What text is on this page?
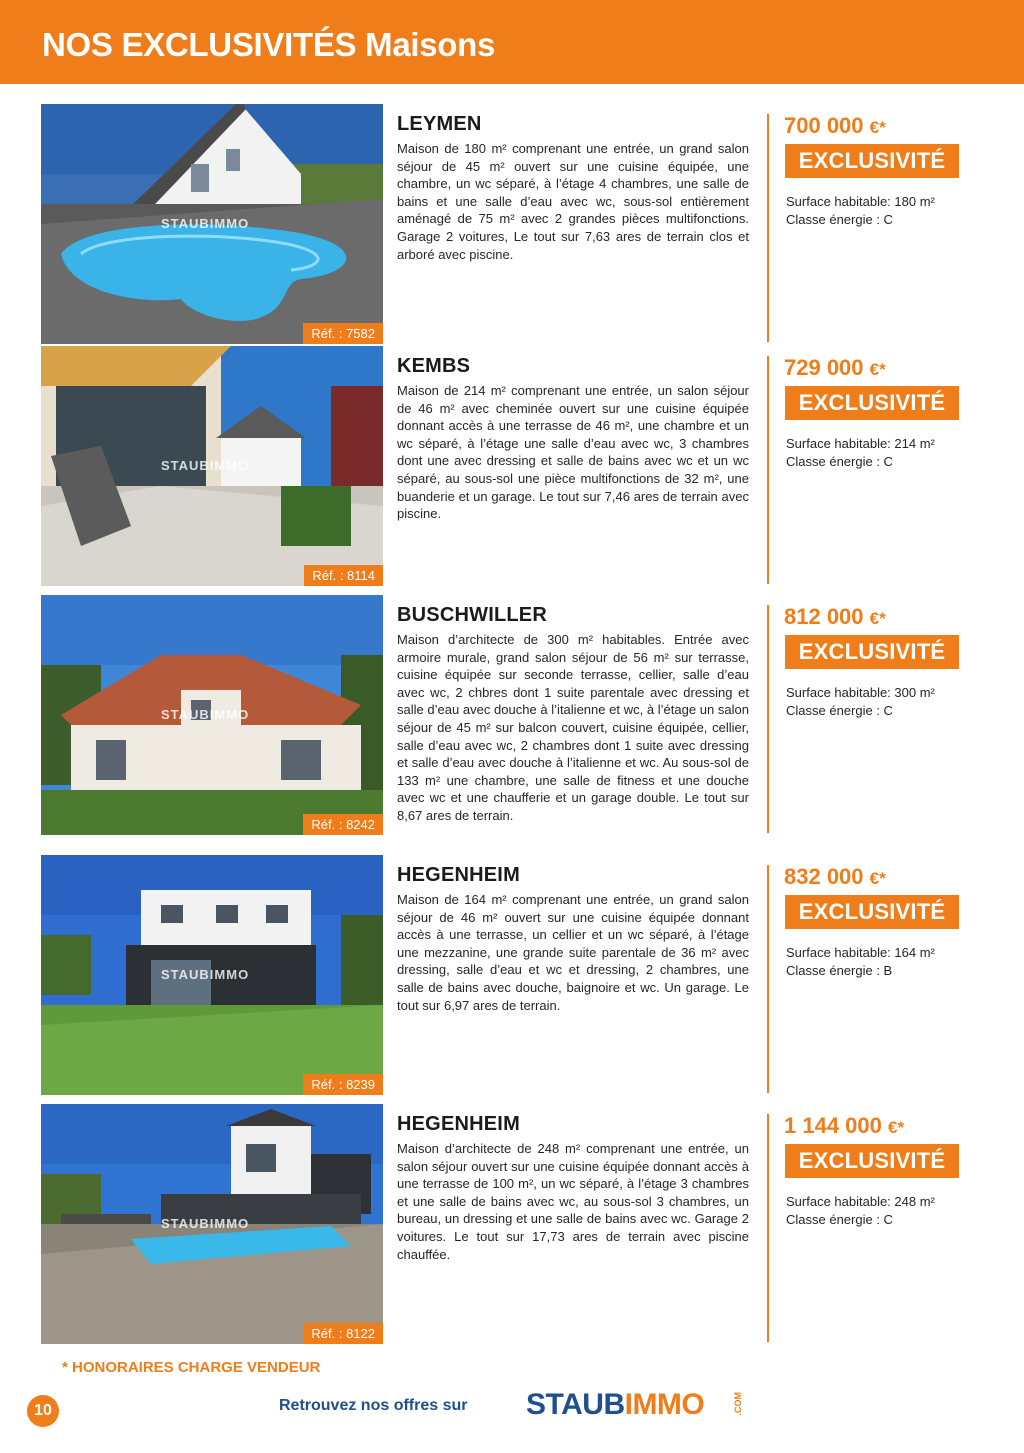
NOS EXCLUSIVITÉS Maisons
STAUBIMMO
Réf. : 7582
LEYMEN
Maison de 180 m² comprenant une entrée, un grand salon séjour de 45 m² ouvert sur une cuisine équipée, une chambre, un wc séparé, à l’étage 4 chambres, une salle de bains et une salle d’eau avec wc, sous-sol entièrement aménagé de 75 m² avec 2 grandes pièces multifonctions. Garage 2 voitures, Le tout sur 7,63 ares de terrain clos et arboré avec piscine.
700 000 €*
EXCLUSIVITÉ
Surface habitable: 180 m²
Classe énergie : C
STAUBIMMO
Réf. : 8114
KEMBS
Maison de 214 m² comprenant une entrée, un salon séjour de 46 m² avec cheminée ouvert sur une cuisine équipée donnant accès à une terrasse de 46 m², une chambre et un wc séparé, à l’étage une salle d’eau avec wc, 3 chambres dont une avec dressing et salle de bains avec wc et un wc séparé, au sous-sol une pièce multifonctions de 32 m², une buanderie et un garage. Le tout sur 7,46 ares de terrain avec piscine.
729 000 €*
EXCLUSIVITÉ
Surface habitable: 214 m²
Classe énergie : C
STAUBIMMO
Réf. : 8242
BUSCHWILLER
Maison d’architecte de 300 m² habitables. Entrée avec armoire murale, grand salon séjour de 56 m² sur terrasse, cuisine équipée sur seconde terrasse, cellier, salle d’eau avec wc, 2 chbres dont 1 suite parentale avec dressing et salle d’eau avec douche à l’italienne et wc, à l’étage un salon séjour de 45 m² sur balcon couvert, cuisine équipée, cellier, salle d’eau avec wc, 2 chambres dont 1 suite avec dressing et salle d’eau avec douche à l’italienne et wc. Au sous-sol de 133 m² une chambre, une salle de fitness et une douche avec wc et une chaufferie et un garage double. Le tout sur 8,67 ares de terrain.
812 000 €*
EXCLUSIVITÉ
Surface habitable: 300 m²
Classe énergie : C
STAUBIMMO
Réf. : 8239
HEGENHEIM
Maison de 164 m² comprenant une entrée, un grand salon séjour de 46 m² ouvert sur une cuisine équipée donnant accès à une terrasse, un cellier et un wc séparé, à l’étage une mezzanine, une grande suite parentale de 36 m² avec dressing, salle d’eau et wc et dressing, 2 chambres, une salle de bains avec douche, baignoire et wc. Un garage. Le tout sur 6,97 ares de terrain.
832 000 €*
EXCLUSIVITÉ
Surface habitable: 164 m²
Classe énergie : B
STAUBIMMO
Réf. : 8122
HEGENHEIM
Maison d’architecte de 248 m² comprenant une entrée, un salon séjour ouvert sur une cuisine équipée donnant accès à une terrasse de 100 m², un wc séparé, à l’étage 3 chambres et une salle de bains avec wc, au sous-sol 3 chambres, un bureau, un dressing et une salle de bains avec wc. Garage 2 voitures. Le tout sur 17,73 ares de terrain avec piscine chauffée.
1 144 000 €*
EXCLUSIVITÉ
Surface habitable: 248 m²
Classe énergie : C
* HONORAIRES CHARGE VENDEUR
10	Retrouvez nos offres sur STAUBIMMO	.COM
